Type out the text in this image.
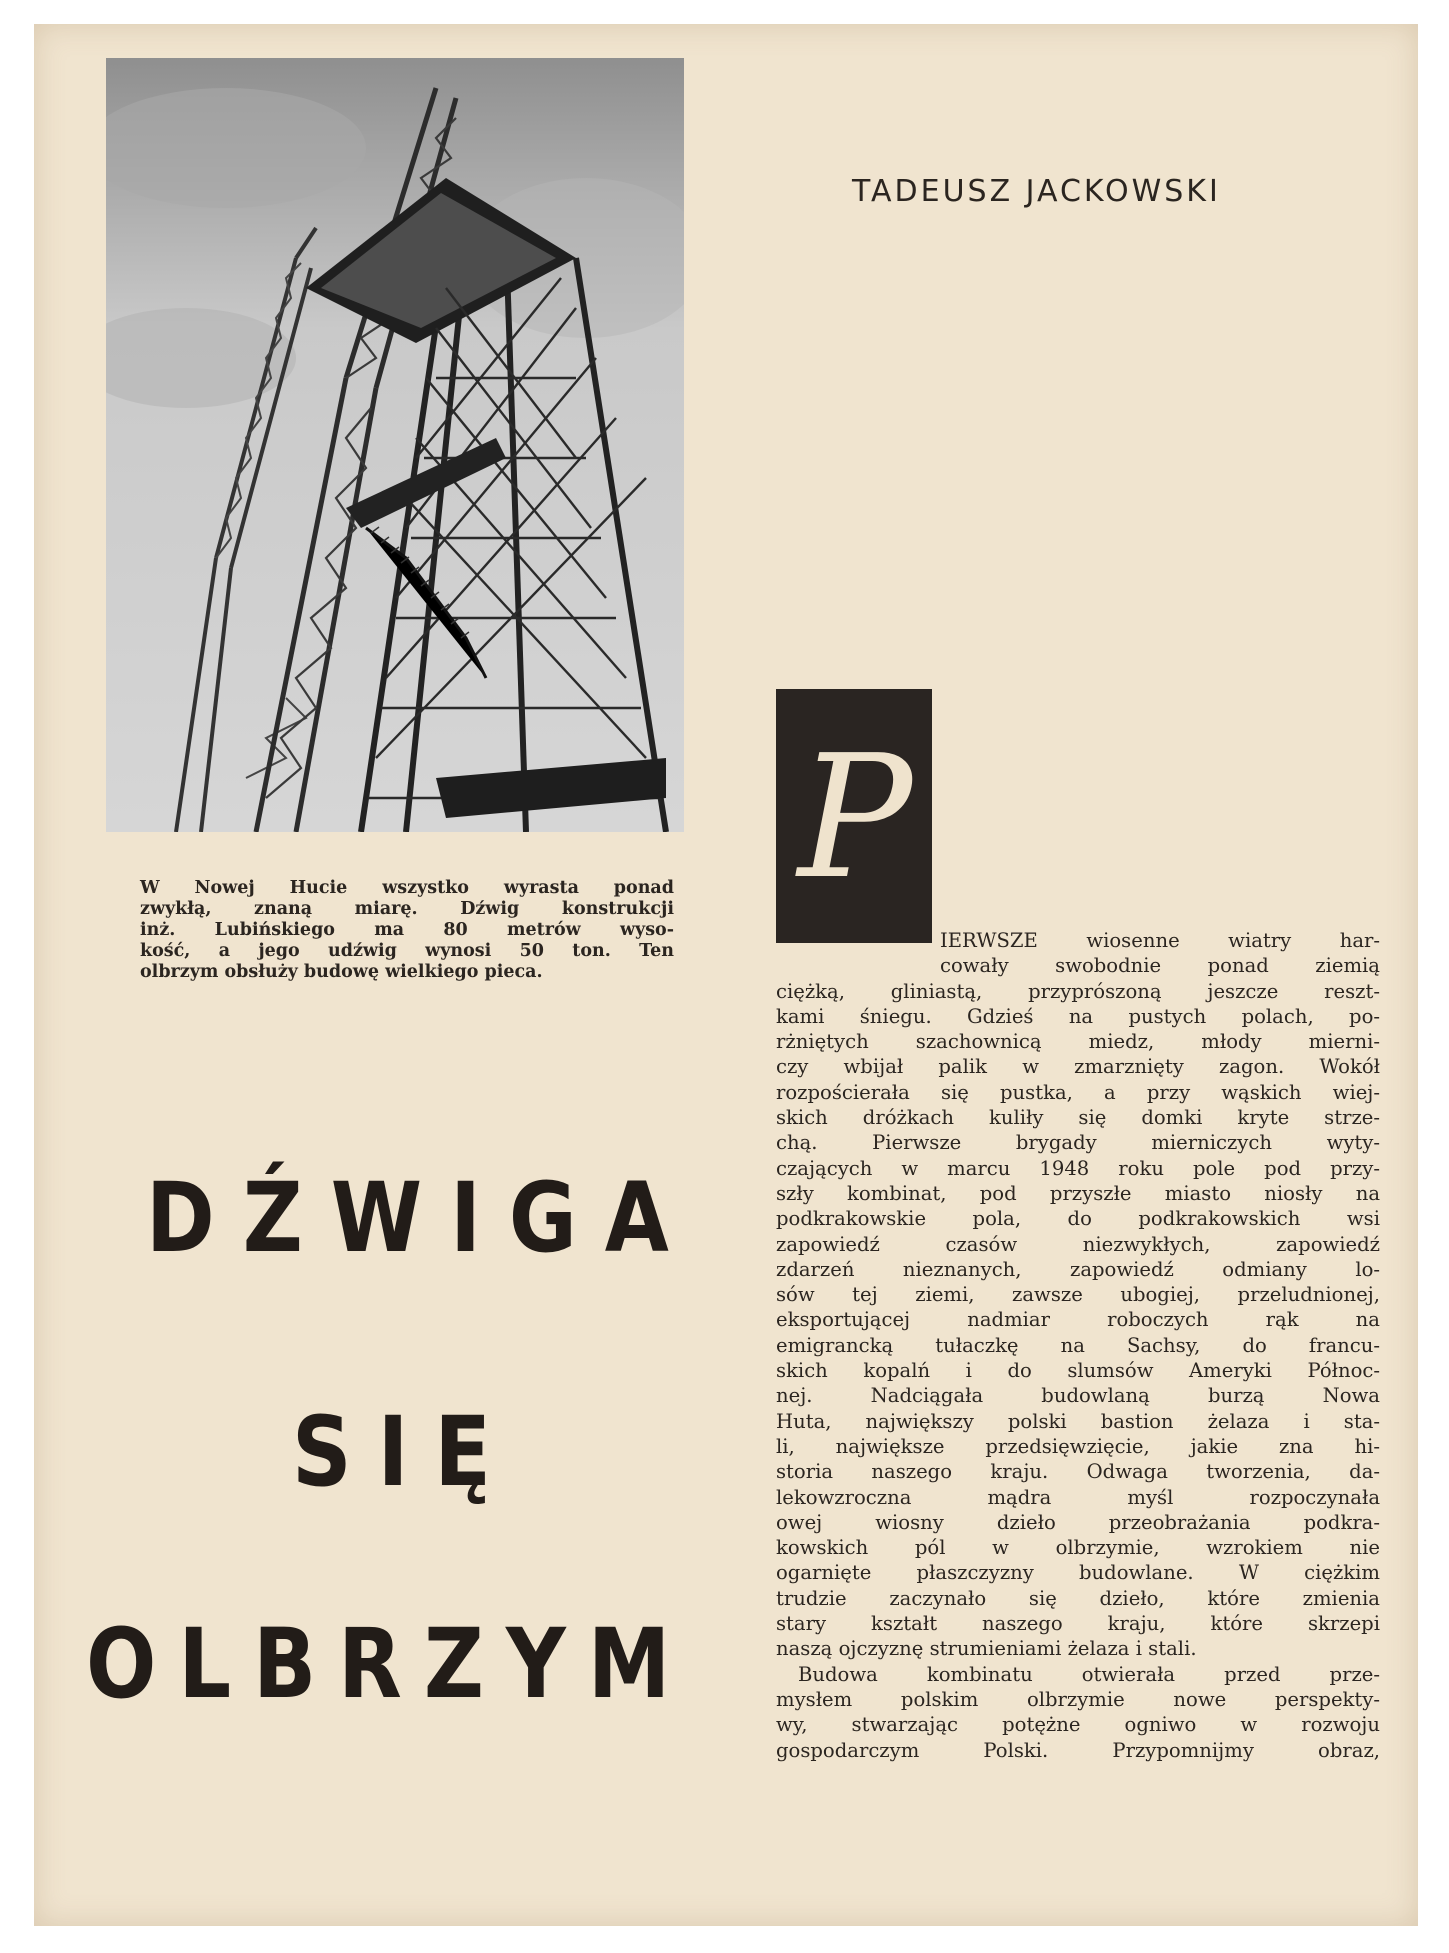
TADEUSZ JACKOWSKI
W Nowej Hucie wszystko wyrasta ponad
zwykłą, znaną miarę. Dźwig konstrukcji
inż. Lubińskiego ma 80 metrów wyso-
kość, a jego udźwig wynosi 50 ton. Ten
olbrzym obsłuży budowę wielkiego pieca.
DŹWIGA
SIĘ
OLBRZYM
P
IERWSZE wiosenne wiatry har-
cowały swobodnie ponad ziemią
ciężką, gliniastą, przyprószoną jeszcze reszt-
kami śniegu. Gdzieś na pustych polach, po-
rżniętych szachownicą miedz, młody mierni-
czy wbijał palik w zmarznięty zagon. Wokół
rozpościerała się pustka, a przy wąskich wiej-
skich dróżkach kuliły się domki kryte strze-
chą. Pierwsze brygady mierniczych wyty-
czających w marcu 1948 roku pole pod przy-
szły kombinat, pod przyszłe miasto niosły na
podkrakowskie pola, do podkrakowskich wsi
zapowiedź czasów niezwykłych, zapowiedź
zdarzeń nieznanych, zapowiedź odmiany lo-
sów tej ziemi, zawsze ubogiej, przeludnionej,
eksportującej nadmiar roboczych rąk na
emigrancką tułaczkę na Sachsy, do francu-
skich kopalń i do slumsów Ameryki Północ-
nej. Nadciągała budowlaną burzą Nowa
Huta, największy polski bastion żelaza i sta-
li, największe przedsięwzięcie, jakie zna hi-
storia naszego kraju. Odwaga tworzenia, da-
lekowzroczna mądra myśl rozpoczynała
owej wiosny dzieło przeobrażania podkra-
kowskich pól w olbrzymie, wzrokiem nie
ogarnięte płaszczyzny budowlane. W ciężkim
trudzie zaczynało się dzieło, które zmienia
stary kształt naszego kraju, które skrzepi
naszą ojczyznę strumieniami żelaza i stali.
Budowa kombinatu otwierała przed prze-
mysłem polskim olbrzymie nowe perspekty-
wy, stwarzając potężne ogniwo w rozwoju
gospodarczym Polski. Przypomnijmy obraz,
